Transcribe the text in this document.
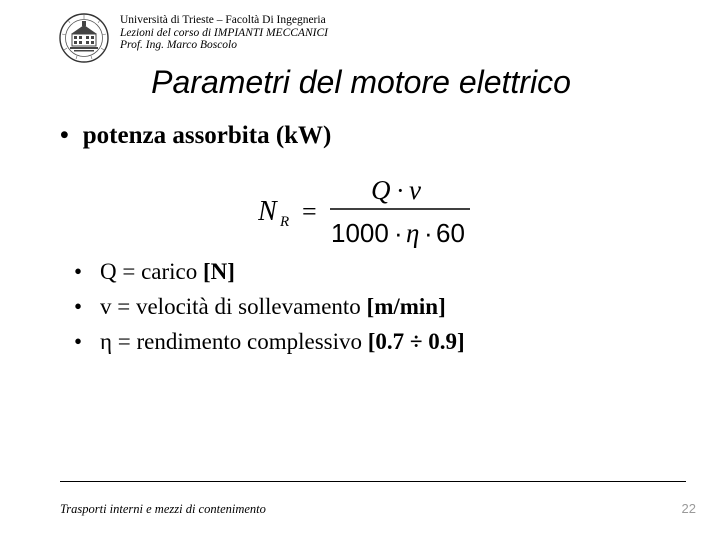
Università di Trieste – Facoltà Di Ingegneria
Lezioni del corso di IMPIANTI MECCANICI
Prof. Ing. Marco Boscolo
Parametri del motore elettrico
• potenza assorbita (kW)
N R =
Q · v
1000 · η · 60
• Q = carico [N]
• v = velocità di sollevamento [m/min]
• η = rendimento complessivo [0.7 ÷ 0.9]
Trasporti interni e mezzi di contenimento	22
